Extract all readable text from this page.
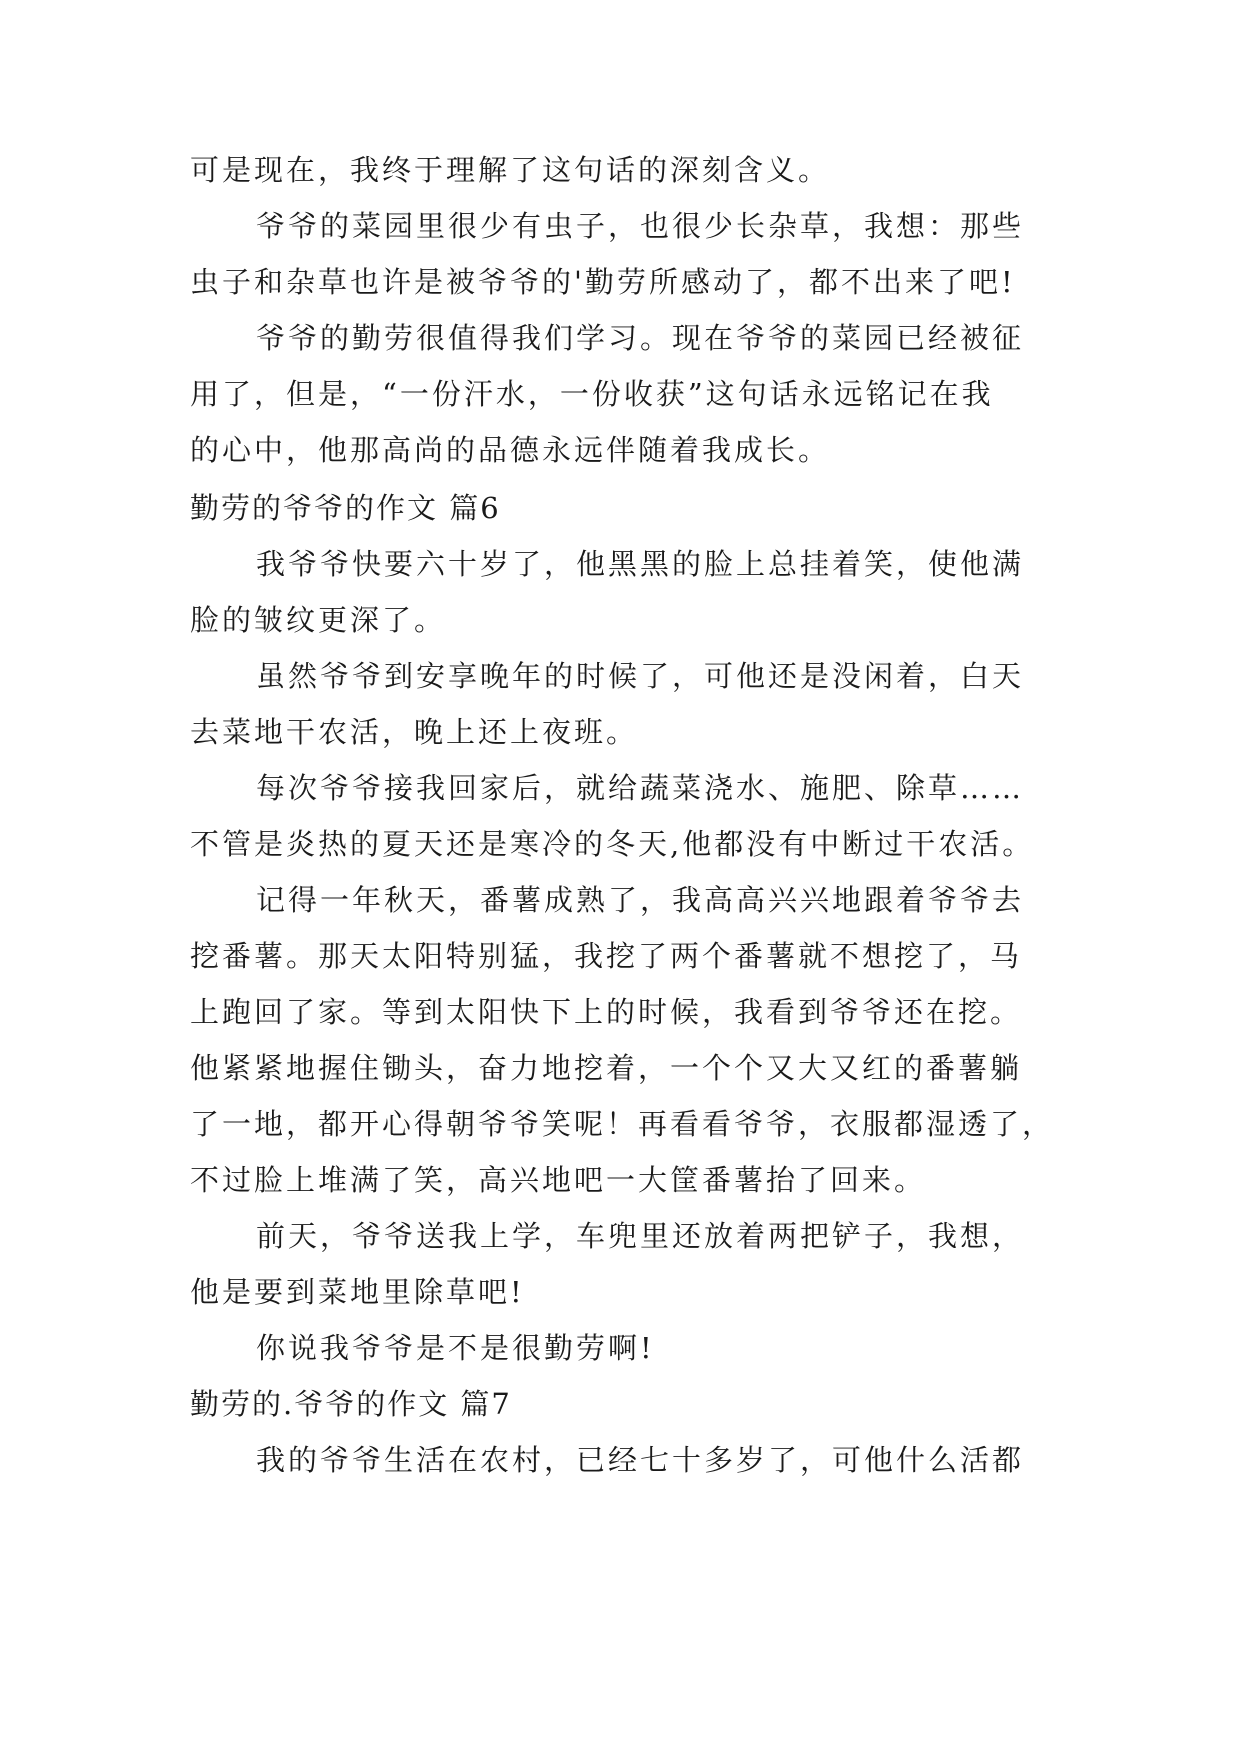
可是现在，我终于理解了这句话的深刻含义。
爷爷的菜园里很少有虫子，也很少长杂草，我想：那些
虫子和杂草也许是被爷爷的'勤劳所感动了，都不出来了吧!
爷爷的勤劳很值得我们学习。现在爷爷的菜园已经被征
用了，但是，“一份汗水，一份收获”这句话永远铭记在我
的心中，他那高尚的品德永远伴随着我成长。
勤劳的爷爷的作文 篇6
我爷爷快要六十岁了，他黑黑的脸上总挂着笑，使他满
脸的皱纹更深了。
虽然爷爷到安享晚年的时候了，可他还是没闲着，白天
去菜地干农活，晚上还上夜班。
每次爷爷接我回家后，就给蔬菜浇水、施肥、除草……
不管是炎热的夏天还是寒冷的冬天,他都没有中断过干农活。
记得一年秋天，番薯成熟了，我高高兴兴地跟着爷爷去
挖番薯。那天太阳特别猛，我挖了两个番薯就不想挖了，马
上跑回了家。等到太阳快下上的时候，我看到爷爷还在挖。
他紧紧地握住锄头，奋力地挖着，一个个又大又红的番薯躺
了一地，都开心得朝爷爷笑呢！再看看爷爷，衣服都湿透了，
不过脸上堆满了笑，高兴地吧一大筐番薯抬了回来。
前天，爷爷送我上学，车兜里还放着两把铲子，我想，
他是要到菜地里除草吧!
你说我爷爷是不是很勤劳啊!
勤劳的.爷爷的作文 篇7
我的爷爷生活在农村，已经七十多岁了，可他什么活都
